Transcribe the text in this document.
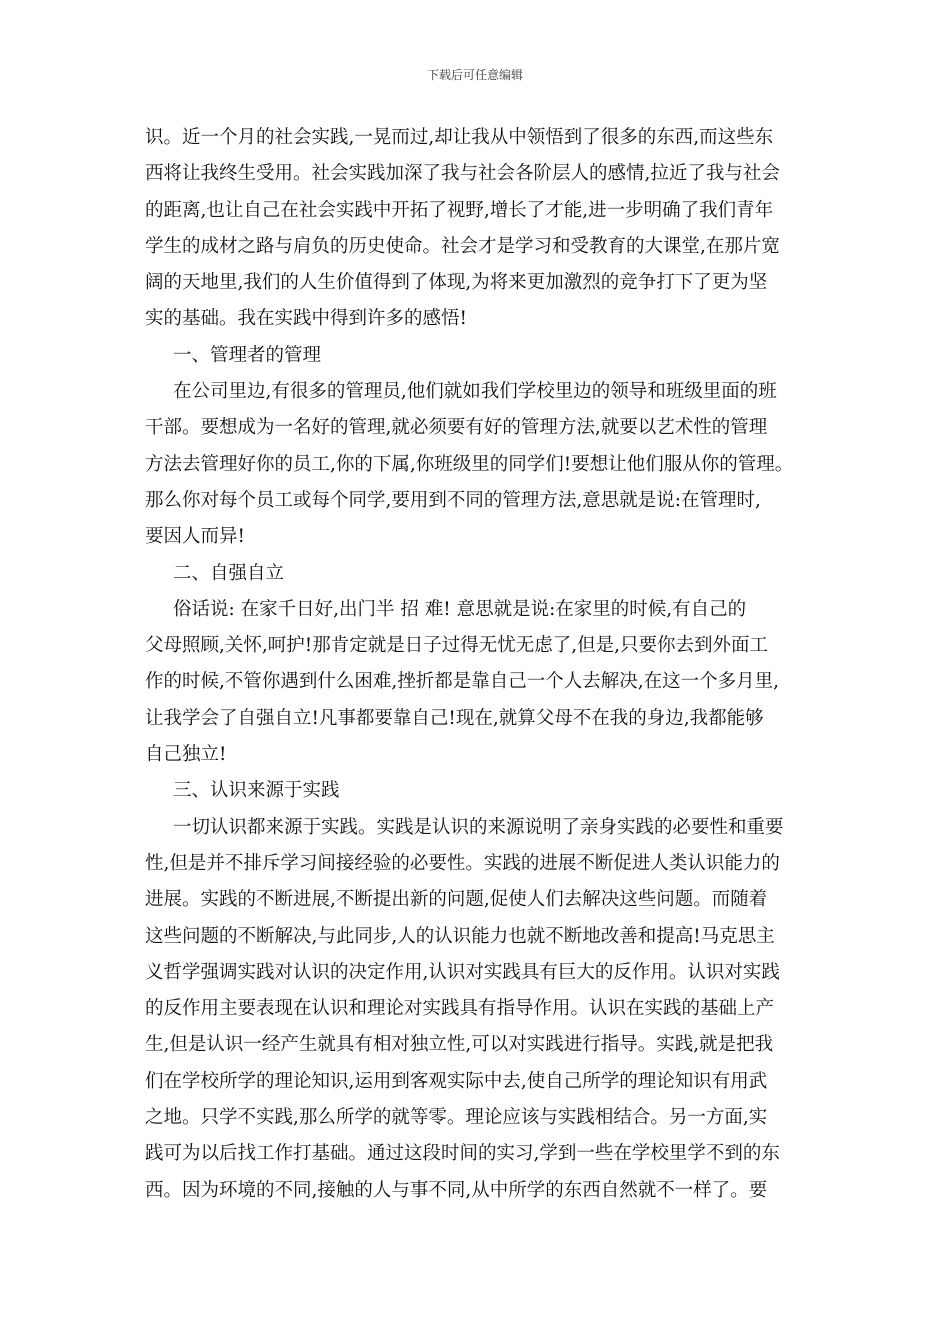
下载后可任意编辑
识。近一个月的社会实践,一晃而过,却让我从中领悟到了很多的东西,而这些东
西将让我终生受用。社会实践加深了我与社会各阶层人的感情,拉近了我与社会
的距离,也让自己在社会实践中开拓了视野,增长了才能,进一步明确了我们青年
学生的成材之路与肩负的历史使命。社会才是学习和受教育的大课堂,在那片宽
阔的天地里,我们的人生价值得到了体现,为将来更加激烈的竞争打下了更为坚
实的基础。我在实践中得到许多的感悟!
一、管理者的管理
在公司里边,有很多的管理员,他们就如我们学校里边的领导和班级里面的班
干部。要想成为一名好的管理,就必须要有好的管理方法,就要以艺术性的管理
方法去管理好你的员工,你的下属,你班级里的同学们!要想让他们服从你的管理。
那么你对每个员工或每个同学,要用到不同的管理方法,意思就是说:在管理时,
要因人而异!
二、自强自立
俗话说: 在家千日好,出门半 招 难! 意思就是说:在家里的时候,有自己的
父母照顾,关怀,呵护!那肯定就是日子过得无忧无虑了,但是,只要你去到外面工
作的时候,不管你遇到什么困难,挫折都是靠自己一个人去解决,在这一个多月里,
让我学会了自强自立!凡事都要靠自己!现在,就算父母不在我的身边,我都能够
自己独立!
三、认识来源于实践
一切认识都来源于实践。实践是认识的来源说明了亲身实践的必要性和重要
性,但是并不排斥学习间接经验的必要性。实践的进展不断促进人类认识能力的
进展。实践的不断进展,不断提出新的问题,促使人们去解决这些问题。而随着
这些问题的不断解决,与此同步,人的认识能力也就不断地改善和提高!马克思主
义哲学强调实践对认识的决定作用,认识对实践具有巨大的反作用。认识对实践
的反作用主要表现在认识和理论对实践具有指导作用。认识在实践的基础上产
生,但是认识一经产生就具有相对独立性,可以对实践进行指导。实践,就是把我
们在学校所学的理论知识,运用到客观实际中去,使自己所学的理论知识有用武
之地。只学不实践,那么所学的就等零。理论应该与实践相结合。另一方面,实
践可为以后找工作打基础。通过这段时间的实习,学到一些在学校里学不到的东
西。因为环境的不同,接触的人与事不同,从中所学的东西自然就不一样了。要
